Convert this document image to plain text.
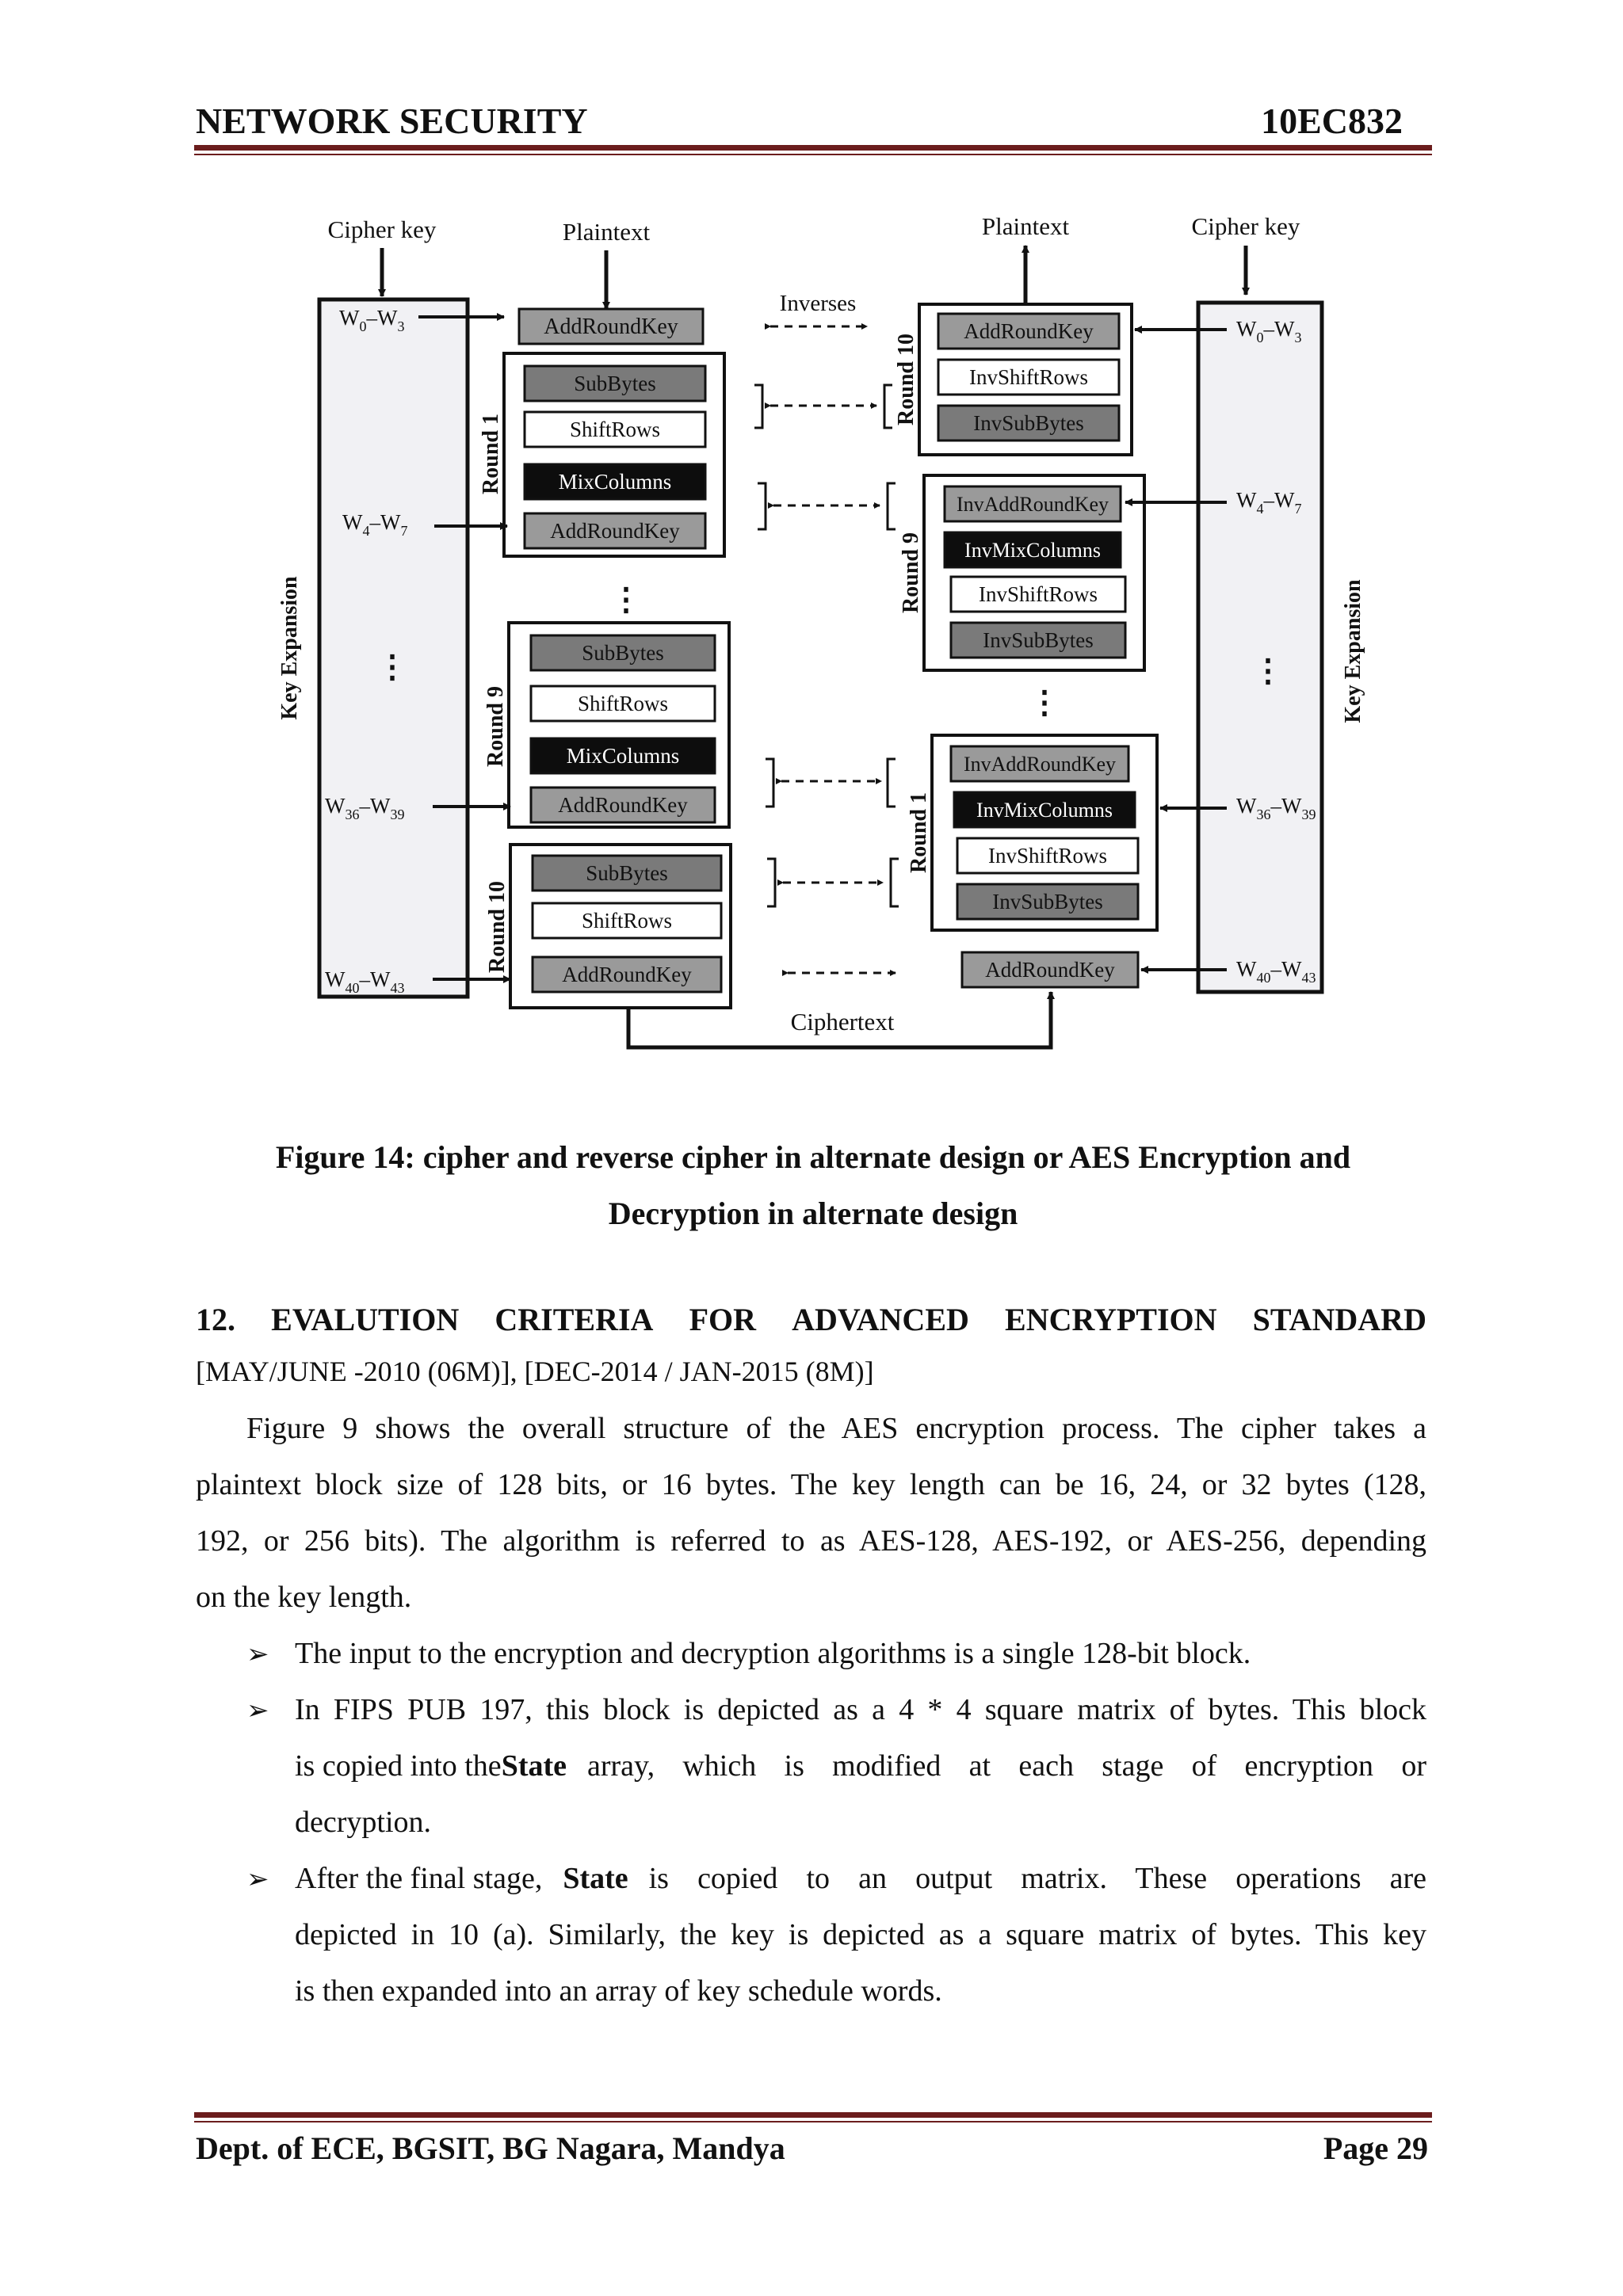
NETWORK SECURITY	10EC832
Key Expansion ⋮
Cipher key	Plaintext
$W_0-W_3$
$W_4-W_7$
$W_{36}-W_{39}$
$W_{40}-W_{43}$
AddRoundKey
Round 1
SubBytes
ShiftRows
MixColumns
AddRoundKey
⋮
Round 9
SubBytes
ShiftRows
MixColumns
AddRoundKey
Round 10
SubBytes
ShiftRows
AddRoundKey
Ciphertext
Inverses
Plaintext	Cipher key
Key Expansion
⋮
$W_0-W_3$
$W_4-W_7$
$W_{36}-W_{39}$
$W_{40}-W_{43}$
Round 10
AddRoundKey
InvShiftRows
InvSubBytes
Round 9
InvAddRoundKey
InvMixColumns
InvShiftRows
InvSubBytes
⋮
Round 1
InvAddRoundKey
InvMixColumns
InvShiftRows
InvSubBytes
AddRoundKey
Figure 14: cipher and reverse cipher in alternate design or AES Encryption and
Decryption in alternate design
12. EVALUTION CRITERIA FOR ADVANCED ENCRYPTION STANDARD
[MAY/JUNE -2010 (06M)], [DEC-2014 / JAN-2015 (8M)]
Figure 9 shows the overall structure of the AES encryption process. The cipher takes a
plaintext block size of 128 bits, or 16 bytes. The key length can be 16, 24, or 32 bytes (128,
192, or 256 bits). The algorithm is referred to as AES-128, AES-192, or AES-256, depending
on the key length.
➢ The input to the encryption and decryption algorithms is a single 128-bit block.
➢ In FIPS PUB 197, this block is depicted as a 4 * 4 square matrix of bytes. This block
is copied into the State array, which is modified at each stage of encryption or
decryption.
➢ After the final stage, State is copied to an output matrix. These operations are
depicted in 10 (a). Similarly, the key is depicted as a square matrix of bytes. This key
is then expanded into an array of key schedule words.
Dept. of ECE, BGSIT, BG Nagara, Mandya	Page 29
